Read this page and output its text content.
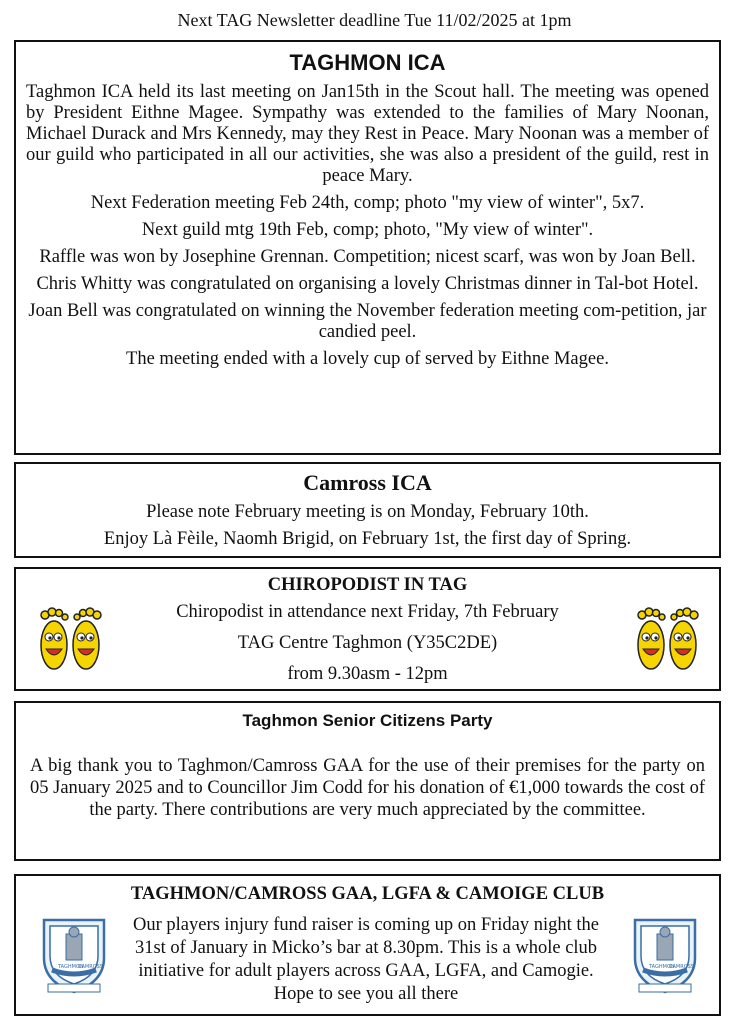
Next TAG Newsletter deadline Tue 11/02/2025 at 1pm
TAGHMON ICA

Taghmon ICA held its last meeting on Jan15th in the Scout hall. The meeting was opened by President Eithne Magee. Sympathy was extended to the families of Mary Noonan, Michael Durack and Mrs Kennedy, may they Rest in Peace. Mary Noonan was a member of our guild who participated in all our activities, she was also a president of the guild, rest in peace Mary.

Next Federation meeting Feb 24th, comp; photo "my view of winter", 5x7.

Next guild mtg 19th Feb, comp; photo, "My view of winter".

Raffle was won by Josephine Grennan. Competition; nicest scarf, was won by Joan Bell.

Chris Whitty was congratulated on organising a lovely Christmas dinner in Tal-bot Hotel.

Joan Bell was congratulated on winning the November federation meeting com-petition, jar candied peel.

The meeting ended with a lovely cup of served by Eithne Magee.

Camross ICA

Please note February meeting is on Monday, February 10th.

Enjoy Là Fèile, Naomh Brigid, on February 1st, the first day of Spring.

CHIROPODIST IN TAG

Chiropodist in attendance next Friday, 7th February

TAG Centre Taghmon (Y35C2DE)

from 9.30asm - 12pm

Taghmon Senior Citizens Party

A big thank you to Taghmon/Camross GAA for the use of their premises for the party on 05 January 2025 and to Councillor Jim Codd for his donation of €1,000 towards the cost of the party. There contributions are very much appreciated by the committee.

TAGHMON/CAMROSS GAA, LGFA & CAMOIGE CLUB
TAGHMON
CAMROSS

Our players injury fund raiser is coming up on Friday night the 31st of January in Micko’s bar at 8.30pm. This is a whole club initiative for adult players across GAA, LGFA, and Camogie. Hope to see you all there

TAGHMON
CAMROSS
